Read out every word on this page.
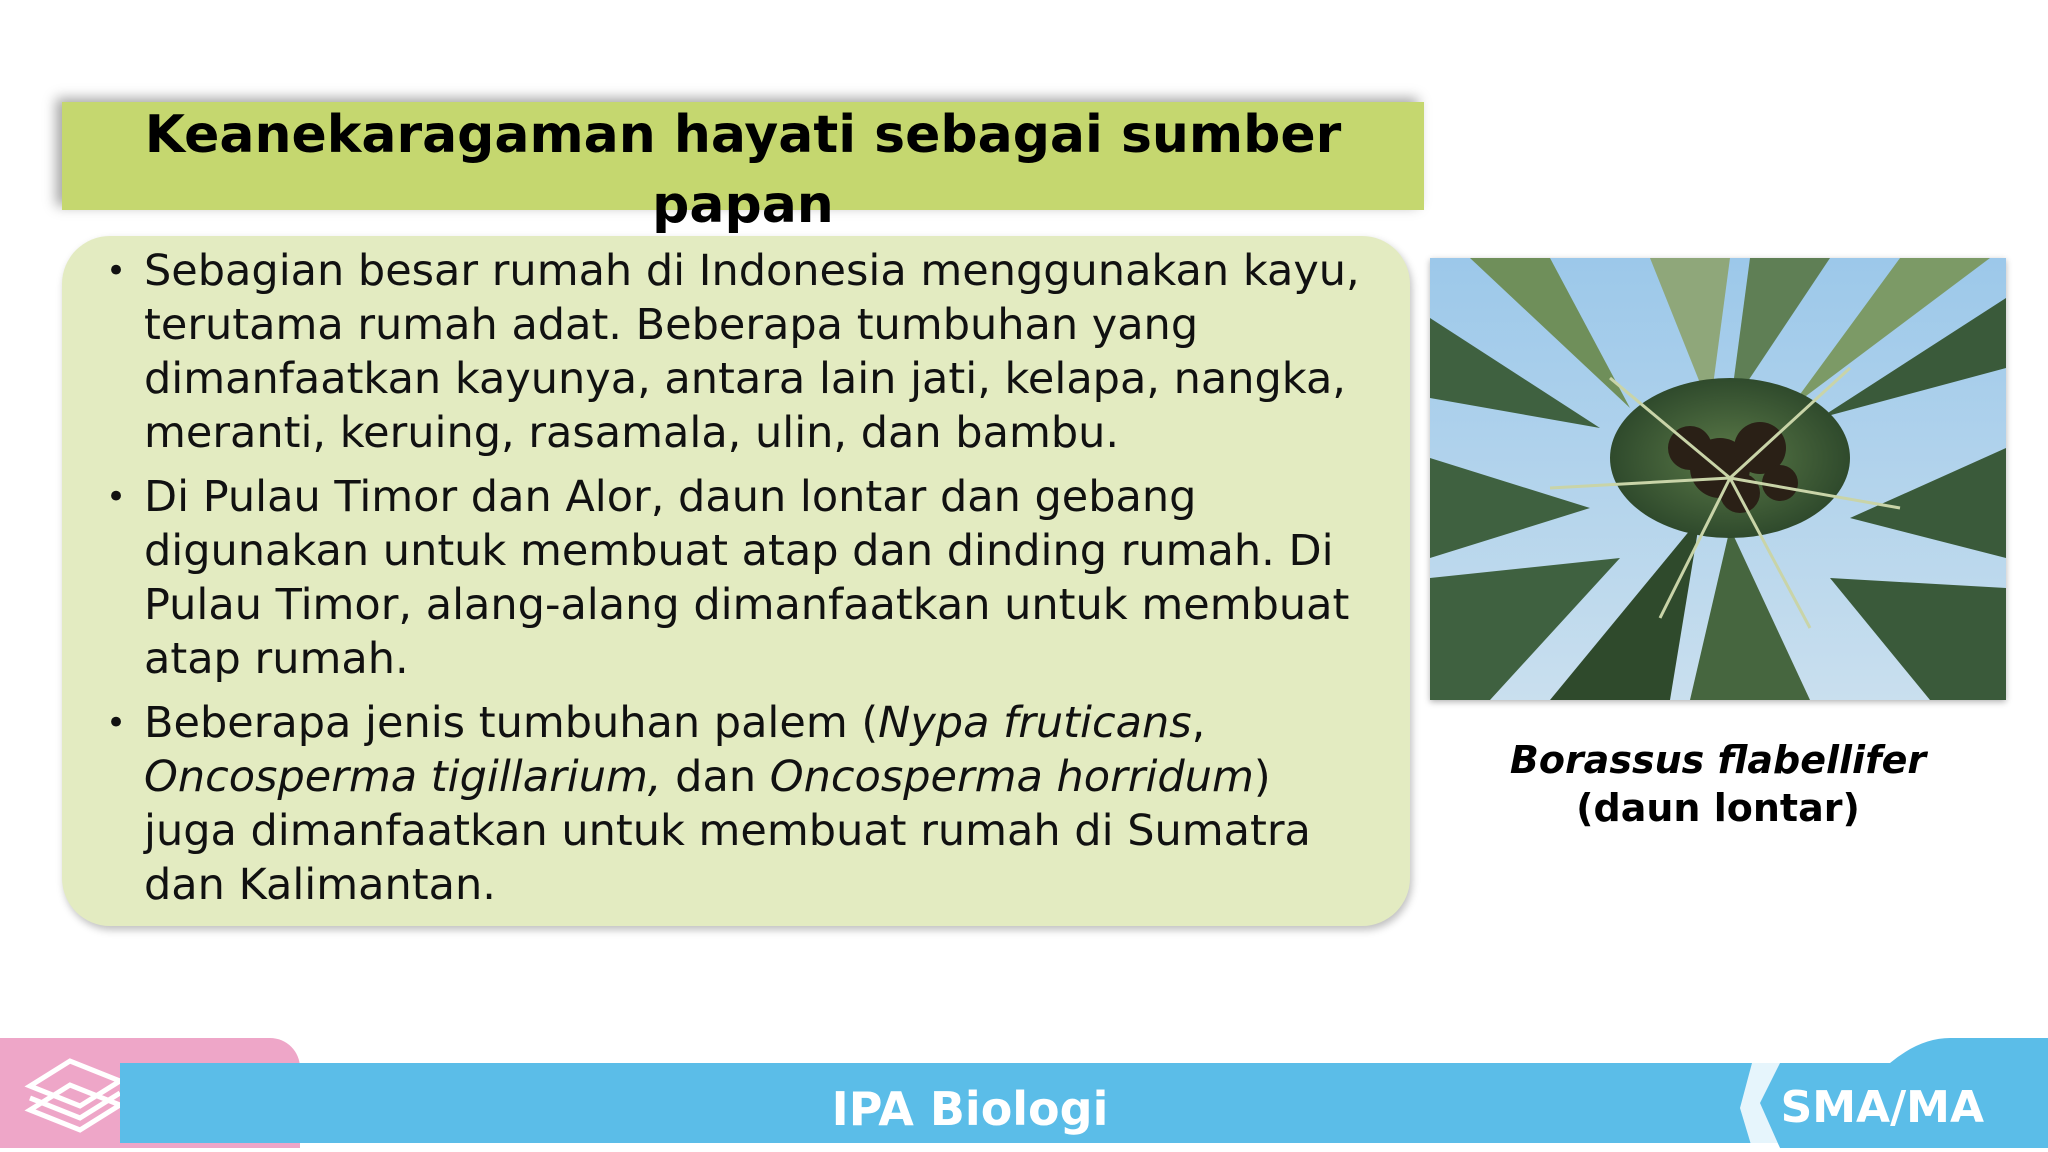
Keanekaragaman hayati sebagai sumber papan
• Sebagian besar rumah di Indonesia menggunakan kayu, terutama rumah adat. Beberapa tumbuhan yang dimanfaatkan kayunya, antara lain jati, kelapa, nangka, meranti, keruing, rasamala, ulin, dan bambu.
• Di Pulau Timor dan Alor, daun lontar dan gebang digunakan untuk membuat atap dan dinding rumah. Di Pulau Timor, alang-alang dimanfaatkan untuk membuat atap rumah.
• Beberapa jenis tumbuhan palem (Nypa fruticans, Oncosperma tigillarium, dan Oncosperma horridum) juga dimanfaatkan untuk membuat rumah di Sumatra dan Kalimantan.
Borassus flabellifer
(daun lontar)
IPA Biologi	SMA/MA
